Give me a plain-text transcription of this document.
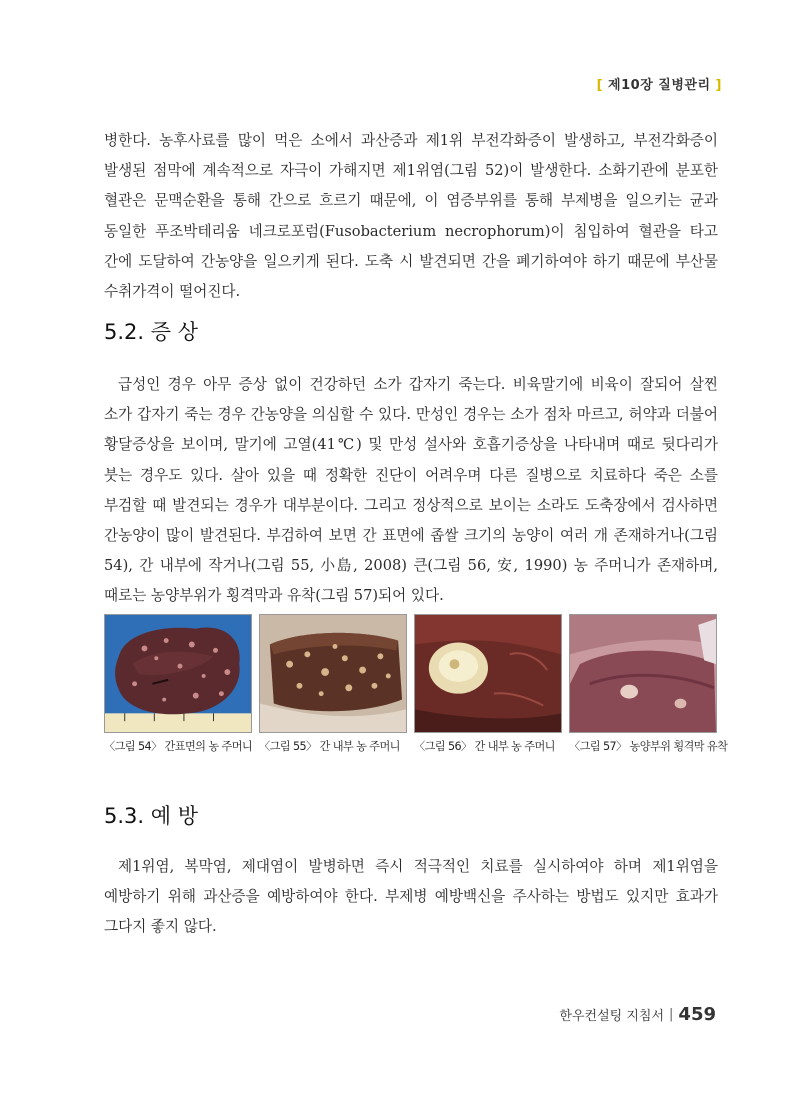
[ 제10장 질병관리 ]

병한다. 농후사료를 많이 먹은 소에서 과산증과 제1위 부전각화증이 발생하고, 부전각화증이 발생된 점막에 계속적으로 자극이 가해지면 제1위염(그림 52)이 발생한다. 소화기관에 분포한 혈관은 문맥순환을 통해 간으로 흐르기 때문에, 이 염증부위를 통해 부제병을 일으키는 균과 동일한 푸조박테리움 네크로포럼(Fusobacterium necrophorum)이 침입하여 혈관을 타고 간에 도달하여 간농양을 일으키게 된다. 도축 시 발견되면 간을 폐기하여야 하기 때문에 부산물 수취가격이 떨어진다.

5.2. 증 상

급성인 경우 아무 증상 없이 건강하던 소가 갑자기 죽는다. 비육말기에 비육이 잘되어 살찐 소가 갑자기 죽는 경우 간농양을 의심할 수 있다. 만성인 경우는 소가 점차 마르고, 허약과 더불어 황달증상을 보이며, 말기에 고열(41℃) 및 만성 설사와 호흡기증상을 나타내며 때로 뒷다리가 붓는 경우도 있다. 살아 있을 때 정확한 진단이 어려우며 다른 질병으로 치료하다 죽은 소를 부검할 때 발견되는 경우가 대부분이다. 그리고 정상적으로 보이는 소라도 도축장에서 검사하면 간농양이 많이 발견된다. 부검하여 보면 간 표면에 좁쌀 크기의 농양이 여러 개 존재하거나(그림 54), 간 내부에 작거나(그림 55, 小島, 2008) 큰(그림 56, 安, 1990) 농 주머니가 존재하며, 때로는 농양부위가 횡격막과 유착(그림 57)되어 있다.

〈그림 54〉 간표면의 농 주머니 〈그림 55〉 간 내부 농 주머니	〈그림 56〉 간 내부 농 주머니	〈그림 57〉 농양부위 횡격막 유착
5.3. 예 방

제1위염, 복막염, 제대염이 발병하면 즉시 적극적인 치료를 실시하여야 하며 제1위염을 예방하기 위해 과산증을 예방하여야 한다. 부제병 예방백신을 주사하는 방법도 있지만 효과가 그다지 좋지 않다.

한우컨설팅 지침서 | 459
